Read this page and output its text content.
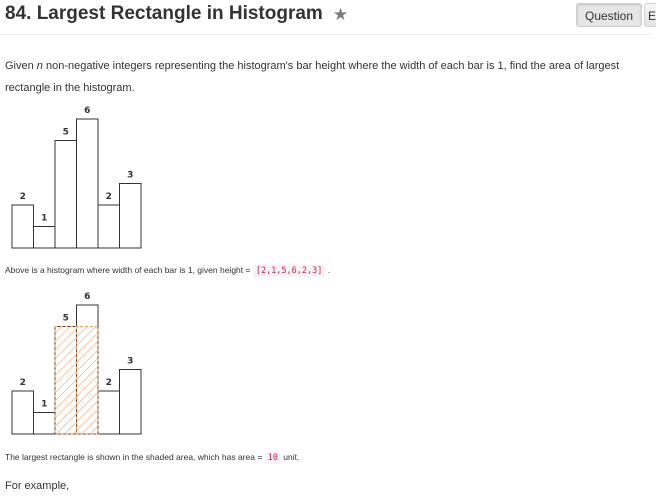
84. Largest Rectangle in Histogram ★	Question	E

Given n non-negative integers representing the histogram's bar height where the width of each bar is 1, find the area of largest rectangle in the histogram.

2
1
5
6
2
3

Above is a histogram where width of each bar is 1, given height = [2,1,5,6,2,3] .

2
1
5
6
2
3

The largest rectangle is shown in the shaded area, which has area = 10 unit.

For example,
